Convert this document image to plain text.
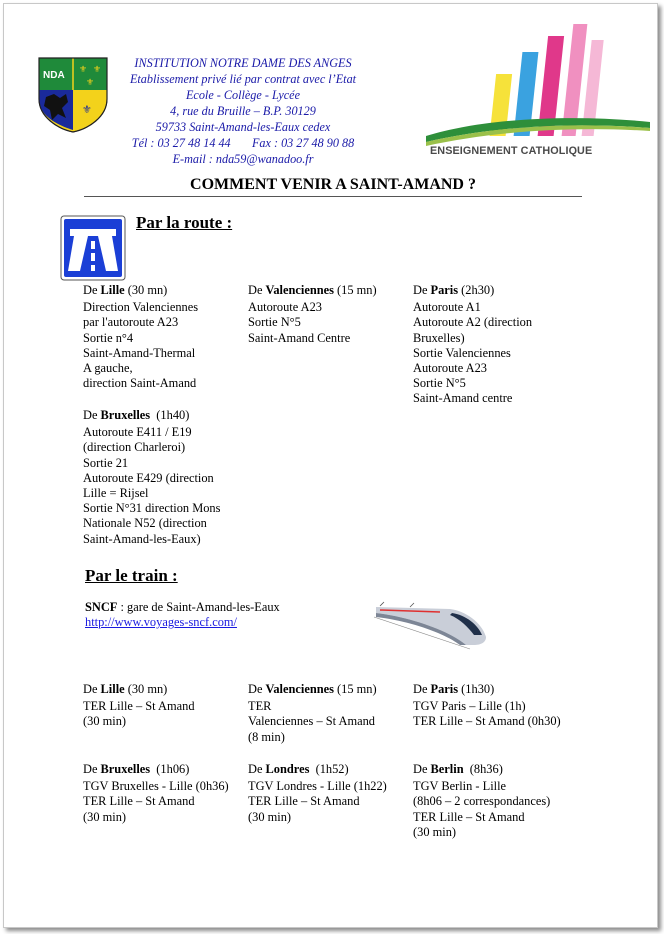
NDA
⚜ ⚜
⚜
⚜
INSTITUTION NOTRE DAME DES ANGES
Etablissement privé lié par contrat avec l’Etat
Ecole - Collège - Lycée
4, rue du Bruille – B.P. 30129
59733 Saint-Amand-les-Eaux cedex
Tél : 03 27 48 14 44       Fax : 03 27 48 90 88
E-mail : nda59@wanadoo.fr
ENSEIGNEMENT CATHOLIQUE
COMMENT VENIR A SAINT-AMAND ?
Par la route :
De Lille (30 mn)
Direction Valenciennes
par l'autoroute A23
Sortie n°4
Saint-Amand-Thermal
A gauche,
direction Saint-Amand
De Valenciennes (15 mn)
Autoroute A23
Sortie N°5
Saint-Amand Centre
De Paris (2h30)
Autoroute A1
Autoroute A2 (direction
Bruxelles)
Sortie Valenciennes
Autoroute A23
Sortie N°5
Saint-Amand centre
De Bruxelles  (1h40)
Autoroute E411 / E19
(direction Charleroi)
Sortie 21
Autoroute E429 (direction
Lille = Rijsel
Sortie N°31 direction Mons
Nationale N52 (direction
Saint-Amand-les-Eaux)
Par le train :
SNCF : gare de Saint-Amand-les-Eaux
http://www.voyages-sncf.com/
De Lille (30 mn)
TER Lille – St Amand
(30 min)
De Valenciennes (15 mn)
TER
Valenciennes – St Amand
(8 min)
De Paris (1h30)
TGV Paris – Lille (1h)
TER Lille – St Amand (0h30)
De Bruxelles  (1h06)
TGV Bruxelles - Lille (0h36)
TER Lille – St Amand
(30 min)
De Londres  (1h52)
TGV Londres - Lille (1h22)
TER Lille – St Amand
(30 min)
De Berlin  (8h36)
TGV Berlin - Lille
(8h06 – 2 correspondances)
TER Lille – St Amand
(30 min)
